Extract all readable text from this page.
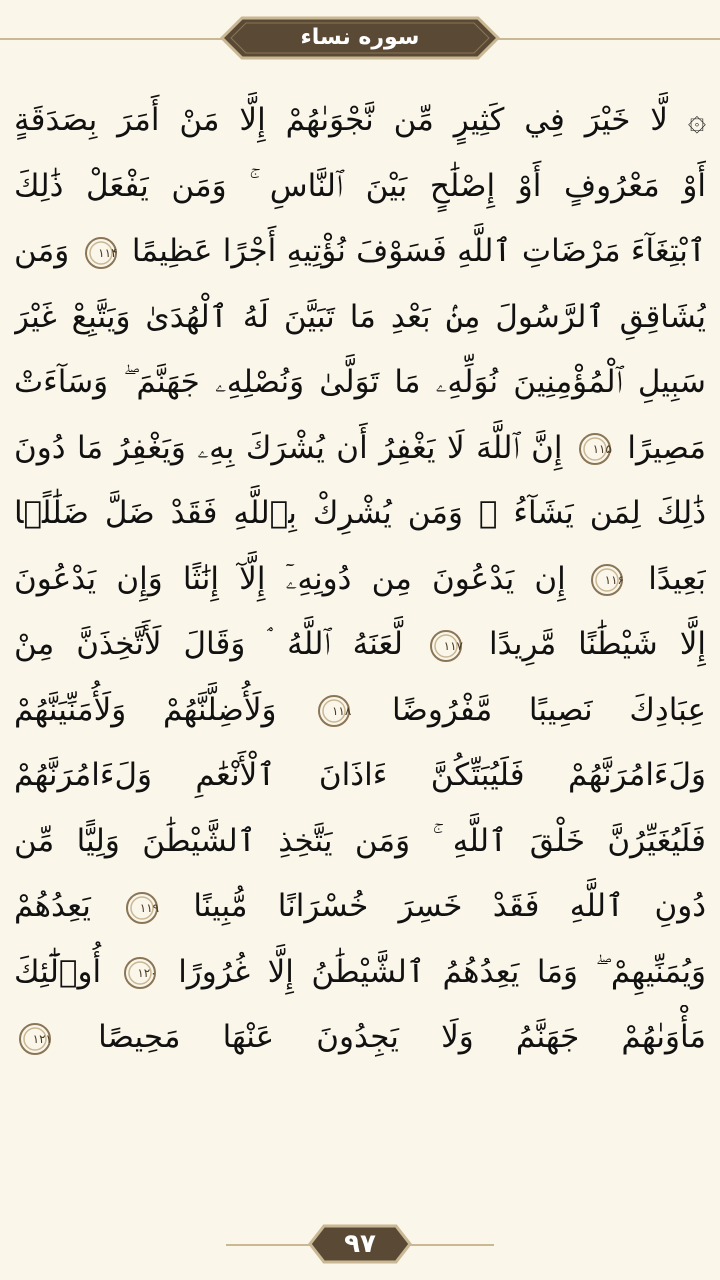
سوره نساء
۞ لَّا خَيْرَ فِي كَثِيرٍ مِّن نَّجْوَىٰهُمْ إِلَّا مَنْ أَمَرَ بِصَدَقَةٍ
أَوْ مَعْرُوفٍ أَوْ إِصْلَٰحٍ بَيْنَ ٱلنَّاسِ ۚ وَمَن يَفْعَلْ ذَٰلِكَ
ٱبْتِغَآءَ مَرْضَاتِ ٱللَّهِ فَسَوْفَ نُؤْتِيهِ أَجْرًا عَظِيمًا
۱۱۴
وَمَن
يُشَاقِقِ ٱلرَّسُولَ مِنۢ بَعْدِ مَا تَبَيَّنَ لَهُ ٱلْهُدَىٰ وَيَتَّبِعْ غَيْرَ
سَبِيلِ ٱلْمُؤْمِنِينَ نُوَلِّهِۦ مَا تَوَلَّىٰ وَنُصْلِهِۦ جَهَنَّمَ ۖ وَسَآءَتْ
مَصِيرًا
۱۱۵
إِنَّ ٱللَّهَ لَا يَغْفِرُ أَن يُشْرَكَ بِهِۦ وَيَغْفِرُ مَا دُونَ
ذَٰلِكَ لِمَن يَشَآءُ ۚ وَمَن يُشْرِكْ بِٱللَّهِ فَقَدْ ضَلَّ ضَلَٰلًۢا
بَعِيدًا
۱۱۶
إِن يَدْعُونَ مِن دُونِهِۦٓ إِلَّآ إِنَٰثًا وَإِن يَدْعُونَ
إِلَّا شَيْطَٰنًا مَّرِيدًا
۱۱۷
لَّعَنَهُ ٱللَّهُ ۘ وَقَالَ لَأَتَّخِذَنَّ مِنْ
عِبَادِكَ نَصِيبًا مَّفْرُوضًا
۱۱۸
وَلَأُضِلَّنَّهُمْ وَلَأُمَنِّيَنَّهُمْ
وَلَءَامُرَنَّهُمْ فَلَيُبَتِّكُنَّ ءَاذَانَ ٱلْأَنْعَٰمِ وَلَءَامُرَنَّهُمْ
فَلَيُغَيِّرُنَّ خَلْقَ ٱللَّهِ ۚ وَمَن يَتَّخِذِ ٱلشَّيْطَٰنَ وَلِيًّا مِّن
دُونِ ٱللَّهِ فَقَدْ خَسِرَ خُسْرَانًا مُّبِينًا
۱۱۹
يَعِدُهُمْ
وَيُمَنِّيهِمْ ۖ وَمَا يَعِدُهُمُ ٱلشَّيْطَٰنُ إِلَّا غُرُورًا
۱۲۰
أُو۟لَٰٓئِكَ
مَأْوَىٰهُمْ جَهَنَّمُ وَلَا يَجِدُونَ عَنْهَا مَحِيصًا
۱۲۱
۹۷
